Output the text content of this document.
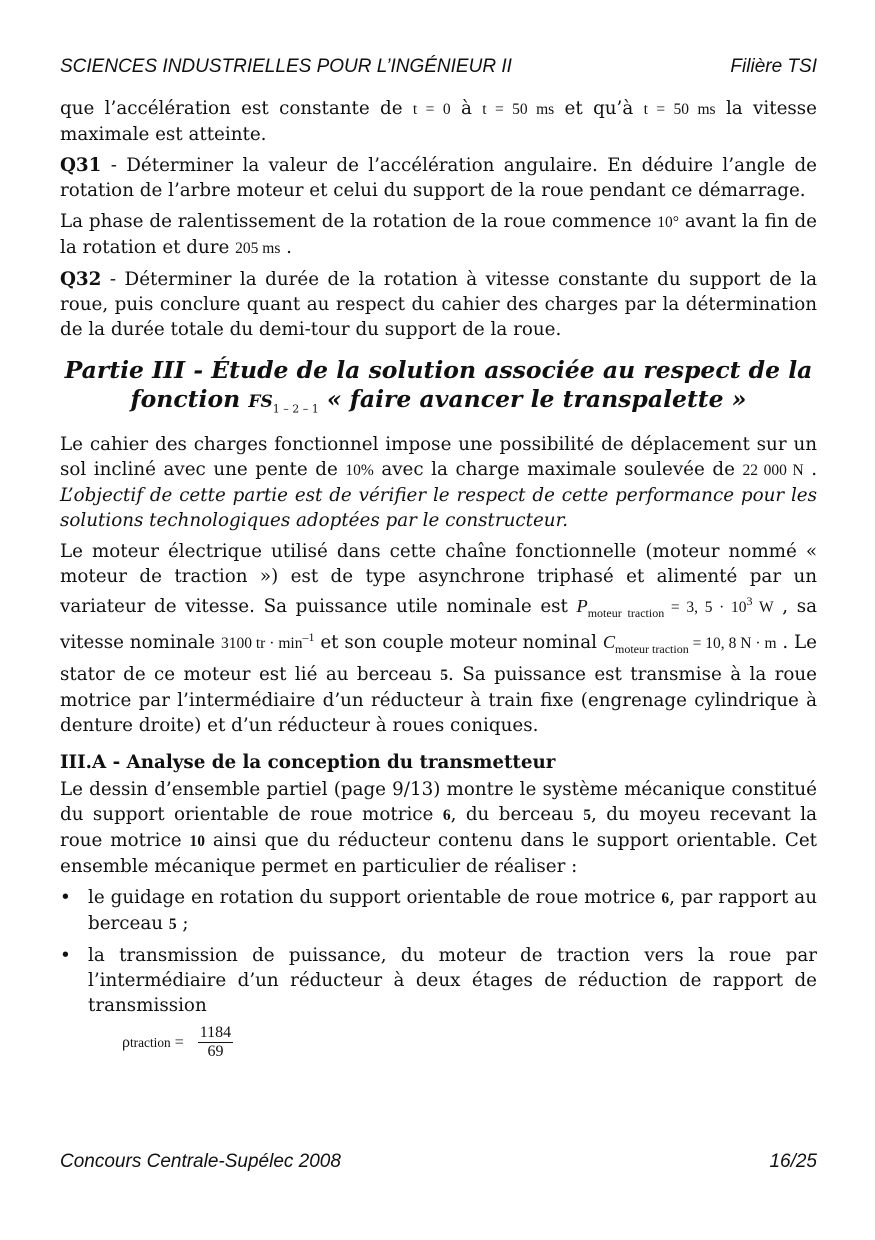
SCIENCES INDUSTRIELLES POUR L’INGÉNIEUR II	Filière TSI

que l’accélération est constante de t = 0 à t = 50 ms et qu’à t = 50 ms la vitesse maximale est atteinte.

Q31 - Déterminer la valeur de l’accélération angulaire. En déduire l’angle de rotation de l’arbre moteur et celui du support de la roue pendant ce démarrage.

La phase de ralentissement de la rotation de la roue commence 10° avant la fin de la rotation et dure 205 ms .

Q32 - Déterminer la durée de la rotation à vitesse constante du support de la roue, puis conclure quant au respect du cahier des charges par la détermination de la durée totale du demi-tour du support de la roue.

Partie III - Étude de la solution associée au respect de la
fonction $FS_{1 - 2 - 1}$ « faire avancer le transpalette »

Le cahier des charges fonctionnel impose une possibilité de déplacement sur un sol incliné avec une pente de 10% avec la charge maximale soulevée de 22 000 N . L’objectif de cette partie est de vérifier le respect de cette performance pour les solutions technologiques adoptées par le constructeur.

Le moteur électrique utilisé dans cette chaîne fonctionnelle (moteur nommé « moteur de traction ») est de type asynchrone triphasé et alimenté par un variateur de vitesse. Sa puissance utile nominale est $P_{moteur traction} = 3$, $5 \cdot 10^3$ W , sa vitesse nominale 3100 tr · $\min^{-1}$ et son couple moteur nominal $C_{moteur traction} = 10$, 8 N · m . Le stator de ce moteur est lié au berceau 5. Sa puissance est transmise à la roue motrice par l’intermédiaire d’un réducteur à train fixe (engrenage cylindrique à denture droite) et d’un réducteur à roues coniques.

III.A - Analyse de la conception du transmetteur

Le dessin d’ensemble partiel (page 9/13) montre le système mécanique constitué du support orientable de roue motrice 6, du berceau 5, du moyeu recevant la roue motrice 10 ainsi que du réducteur contenu dans le support orientable. Cet ensemble mécanique permet en particulier de réaliser :

• le guidage en rotation du support orientable de roue motrice 6, par rapport au berceau 5 ;
• la transmission de puissance, du moteur de traction vers la roue par l’intermédiaire d’un réducteur à deux étages de réduction de rapport de transmission
ρ traction = $\frac{1184}{69}$
Concours Centrale-Supélec 2008	16/25
